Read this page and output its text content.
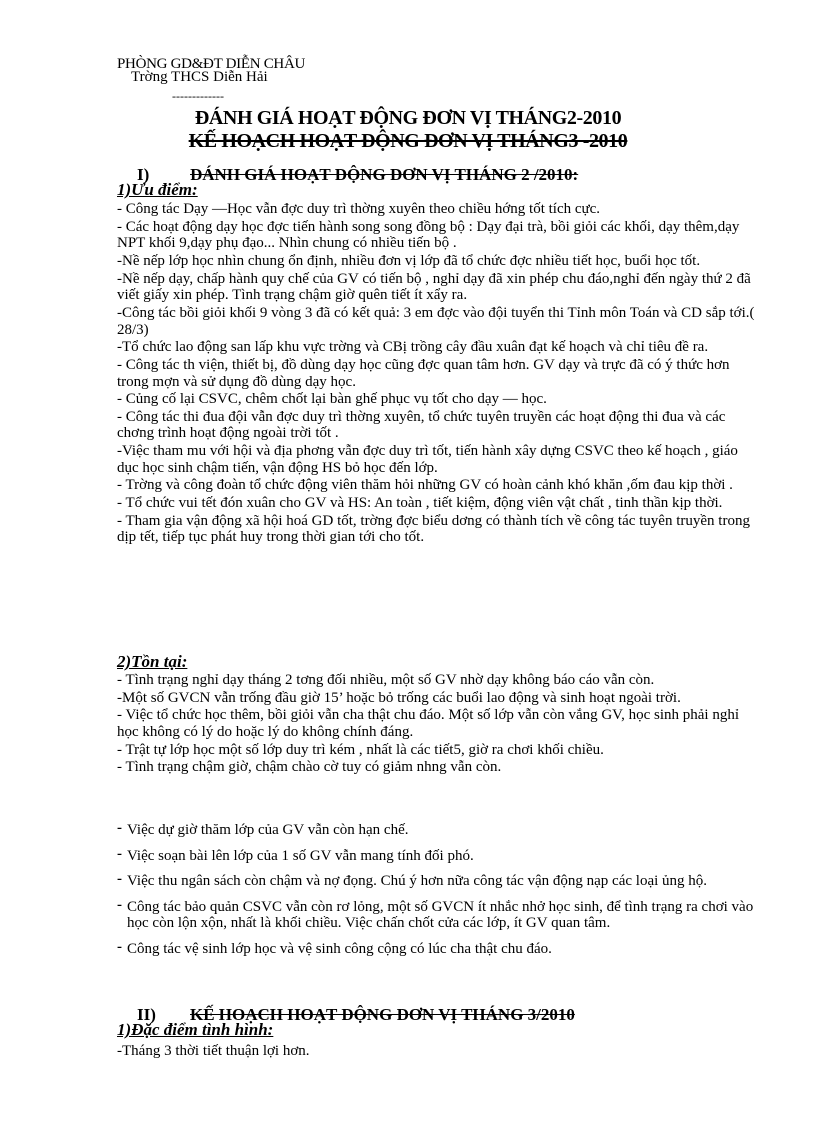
PHÒNG GD&ĐT DIỄN CHÂU
Trờng THCS Diễn Hải
-------------
ĐÁNH GIÁ HOẠT ĐỘNG ĐƠN VỊ THÁNG2-2010
KẾ HOẠCH HOẠT ĐỘNG ĐƠN VỊ THÁNG3 -2010
I) ĐÁNH GIÁ HOẠT ĐỘNG ĐƠN VỊ THÁNG 2 /2010:
1)Ưu điểm:

- Công tác Dạy —Học vẫn đợc duy trì thờng xuyên theo chiều hớng tốt tích cực.

- Các hoạt động dạy học đợc tiến hành song song đồng bộ : Dạy đại trà, bồi giỏi các khối, dạy thêm,dạy NPT khối 9,dạy phụ đạo... Nhìn chung có nhiều tiến bộ .

-Nề nếp lớp học nhìn chung ổn định, nhiều đơn vị lớp đã tổ chức đợc nhiều tiết học, buổi học tốt.

-Nề nếp dạy, chấp hành quy chế của GV có tiến bộ , nghỉ dạy đã xin phép chu đáo,nghỉ đến ngày thứ 2 đã viết giấy xin phép. Tình trạng chậm giờ quên tiết ít xẩy ra.

-Công tác bồi giỏi khối 9 vòng 3 đã có kết quả: 3 em đợc vào đội tuyển thi Tỉnh môn Toán và CD sắp tới.( 28/3)

-Tổ chức lao động san lấp khu vực trờng và CBị trồng cây đầu xuân đạt kế hoạch và chỉ tiêu đề ra.

- Công tác th viện, thiết bị, đồ dùng dạy học cũng đợc quan tâm hơn. GV dạy và trực đã có ý thức hơn trong mợn và sử dụng đồ dùng dạy học.

- Củng cố lại CSVC, chêm chốt lại bàn ghế phục vụ tốt cho dạy — học.

- Công tác thi đua đội vẫn đợc duy trì thờng xuyên, tổ chức tuyên truyền các hoạt động thi đua và các chơng trình hoạt động ngoài trời tốt .

-Việc tham mu với hội và địa phơng vẫn đợc duy trì tốt, tiến hành xây dựng CSVC theo kế hoạch , giáo dục học sinh chậm tiến, vận động HS bỏ học đến lớp.

- Trờng và công đoàn tổ chức động viên thăm hỏi những GV có hoàn cảnh khó khăn ,ốm đau kịp thời .

- Tổ chức vui tết đón xuân cho GV và HS: An toàn , tiết kiệm, động viên vật chất , tinh thần kịp thời.

- Tham gia vận động xã hội hoá GD tốt, trờng đợc biểu dơng có thành tích về công tác tuyên truyền trong dịp tết, tiếp tục phát huy trong thời gian tới cho tốt.

2)Tồn tại:

- Tình trạng nghỉ dạy tháng 2 tơng đối nhiều, một số GV nhờ dạy không báo cáo vẫn còn.

-Một số GVCN vẫn trống đầu giờ 15’ hoặc bỏ trống các buổi lao động và sinh hoạt ngoài trời.

- Việc tổ chức học thêm, bồi giỏi vẫn cha thật chu đáo. Một số lớp vẫn còn vắng GV, học sinh phải nghỉ học không có lý do hoặc lý do không chính đáng.

- Trật tự lớp học một số lớp duy trì kém , nhất là các tiết5, giờ ra chơi khối chiều.

- Tình trạng chậm giờ, chậm chào cờ tuy có giảm nhng vẫn còn.

- Việc dự giờ thăm lớp của GV vẫn còn hạn chế.
- Việc soạn bài lên lớp của 1 số GV vẫn mang tính đối phó.
- Việc thu ngân sách còn chậm và nợ đọng. Chú ý hơn nữa công tác vận động nạp các loại ủng hộ.
- Công tác bảo quản CSVC vẫn còn rơ lỏng, một số GVCN ít nhắc nhở học sinh, để tình trạng ra chơi vào học còn lộn xộn, nhất là khối chiều. Việc chấn chốt cửa các lớp, ít GV quan tâm.
- Công tác vệ sinh lớp học và vệ sinh công cộng có lúc cha thật chu đáo.
II) KẾ HOẠCH HOẠT ĐỘNG ĐƠN VỊ THÁNG 3/2010
1)Đặc điểm tình hình:

-Tháng 3 thời tiết thuận lợi hơn.
